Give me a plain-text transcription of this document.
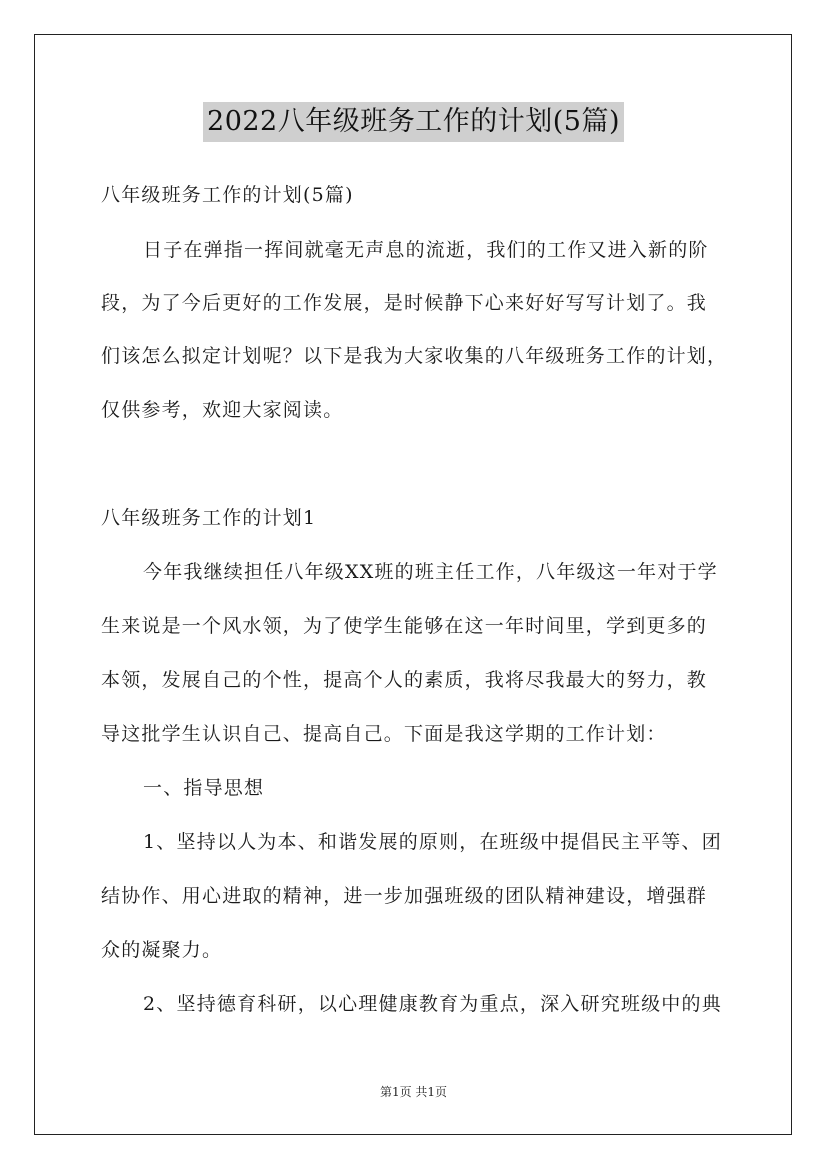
2022八年级班务工作的计划(5篇)
八年级班务工作的计划(5篇)
日子在弹指一挥间就毫无声息的流逝，我们的工作又进入新的阶
段，为了今后更好的工作发展，是时候静下心来好好写写计划了。我
们该怎么拟定计划呢？以下是我为大家收集的八年级班务工作的计划，
仅供参考，欢迎大家阅读。
八年级班务工作的计划1
今年我继续担任八年级XX班的班主任工作，八年级这一年对于学
生来说是一个风水领，为了使学生能够在这一年时间里，学到更多的
本领，发展自己的个性，提高个人的素质，我将尽我最大的努力，教
导这批学生认识自己、提高自己。下面是我这学期的工作计划：
一、指导思想
1、坚持以人为本、和谐发展的原则，在班级中提倡民主平等、团
结协作、用心进取的精神，进一步加强班级的团队精神建设，增强群
众的凝聚力。
2、坚持德育科研，以心理健康教育为重点，深入研究班级中的典
第1页 共1页
